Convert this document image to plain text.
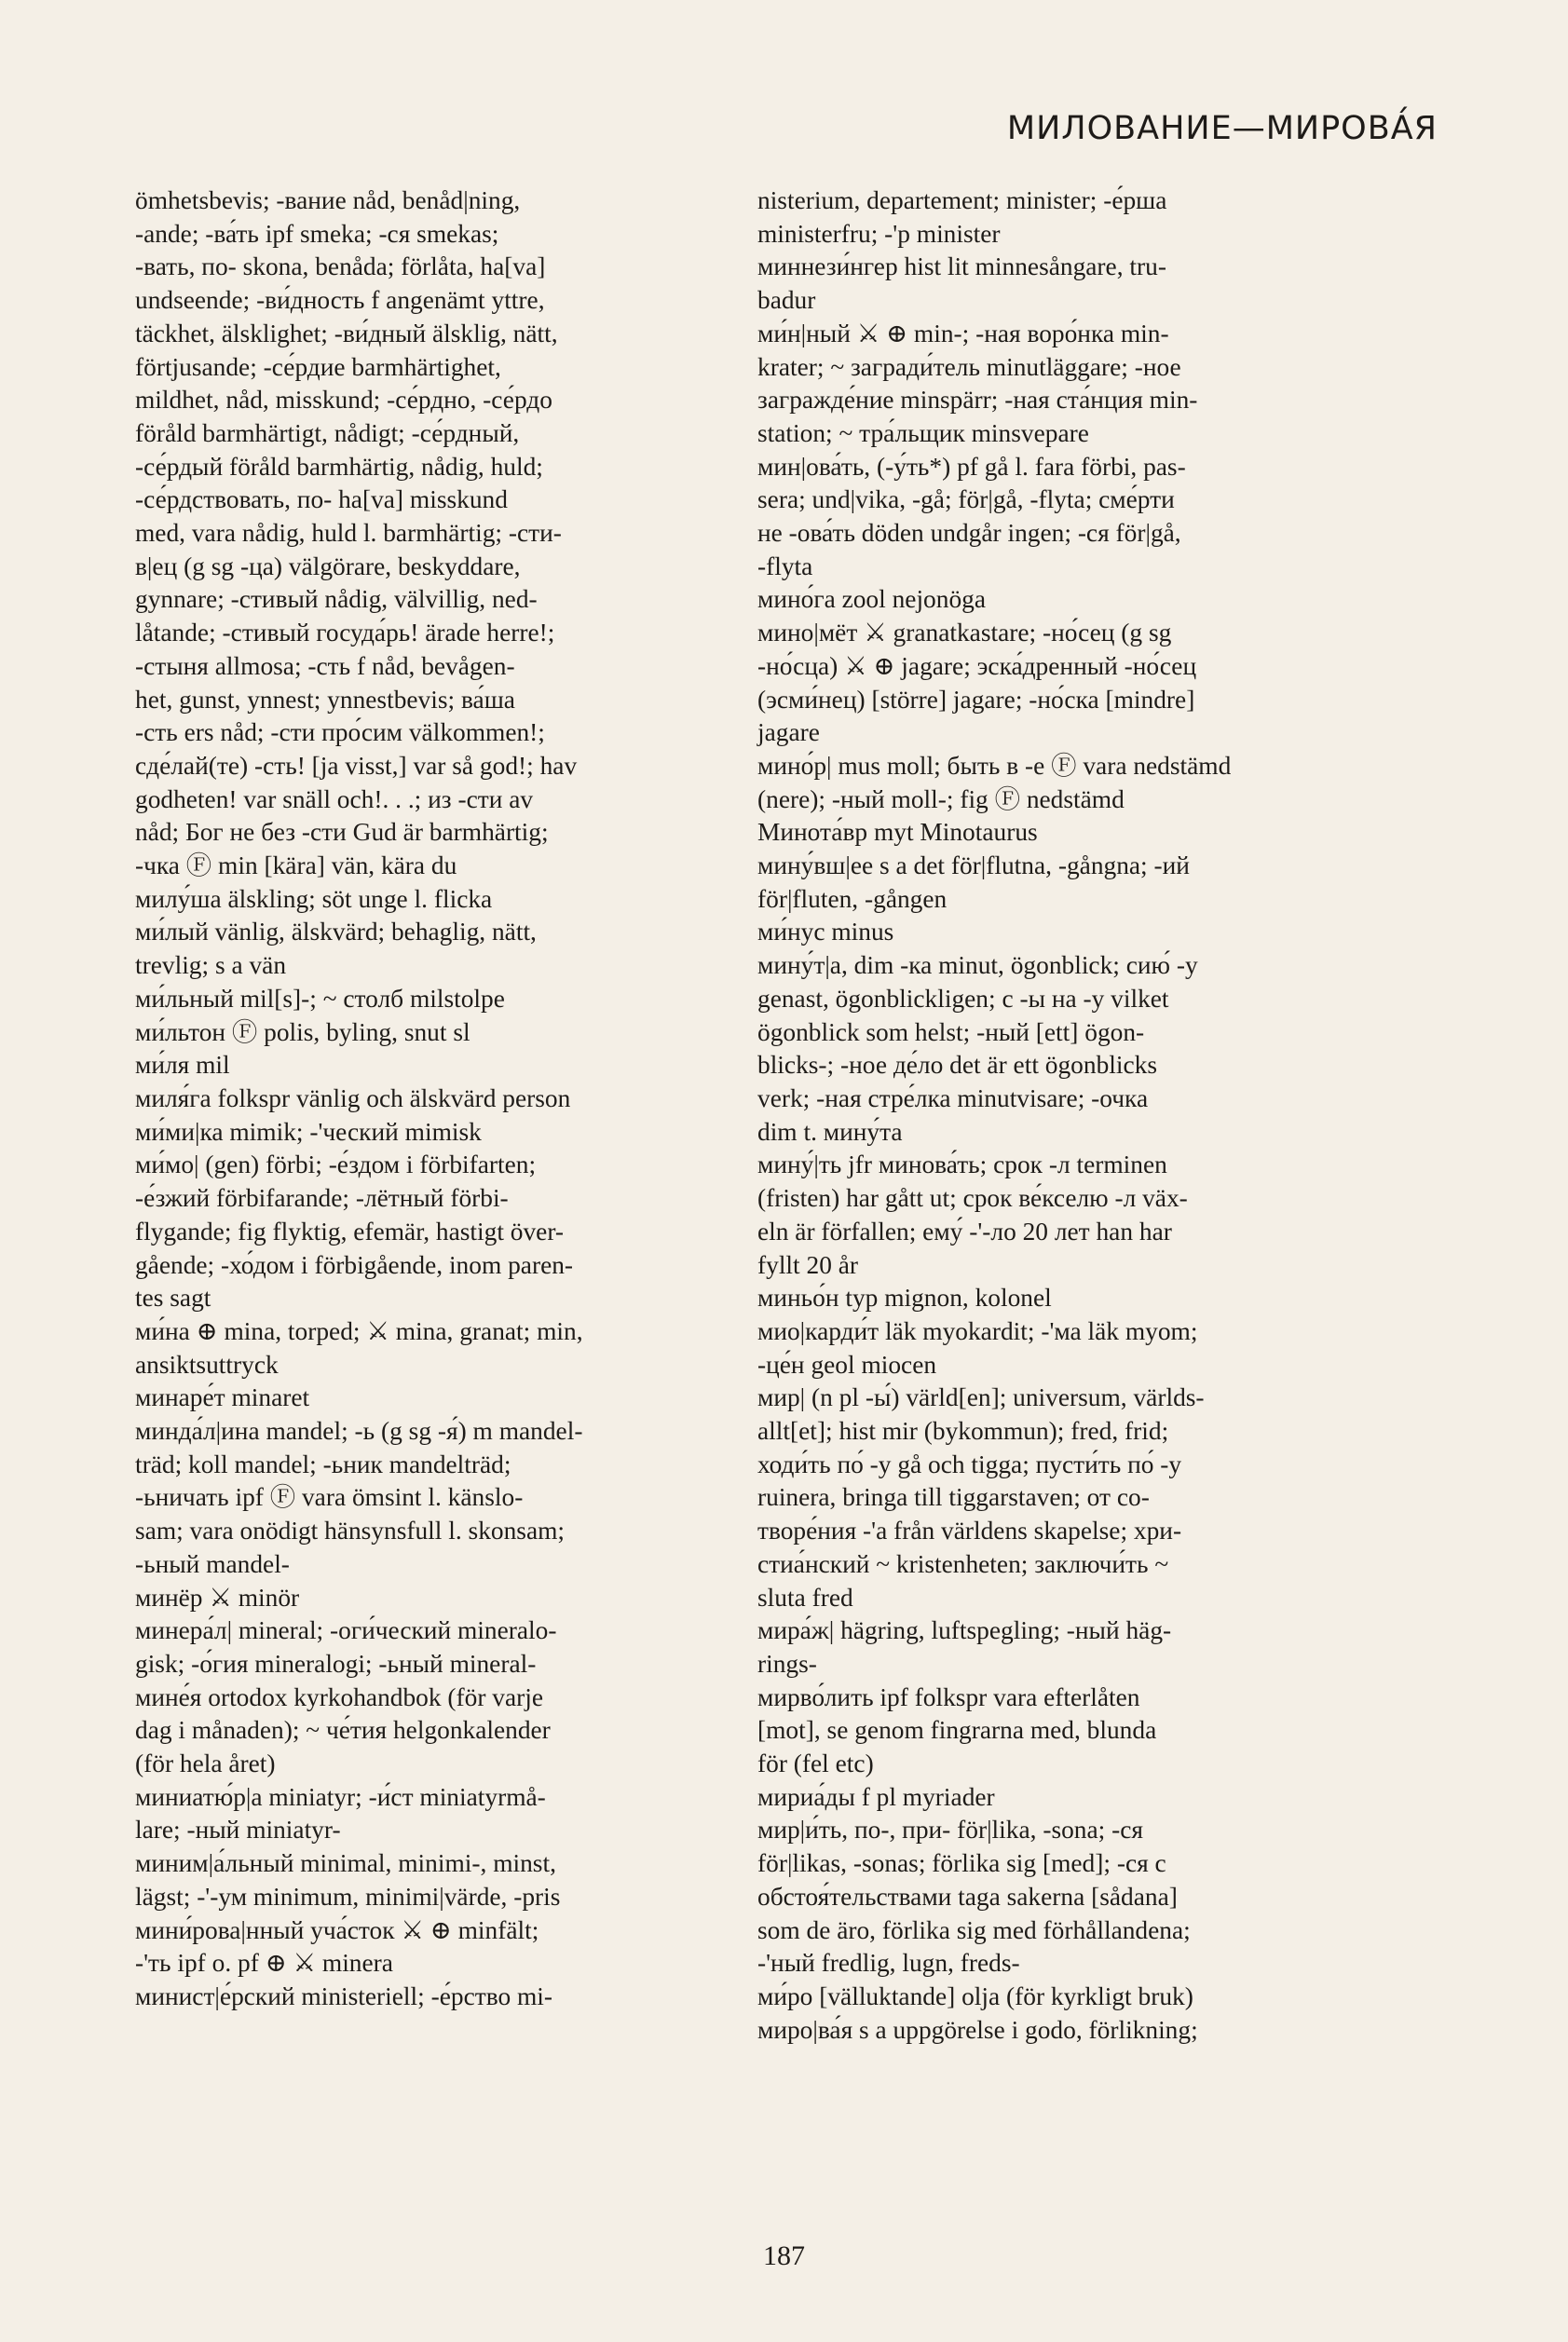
МИЛОВАНИЕ—МИРОВА́Я
ömhetsbevis; -вание nåd, benåd|ning,
-ande; -ва́ть ipf smeka; -ся smekas;
-вать, по- skona, benåda; förlåta, ha[va]
undseende; -ви́дность f angenämt yttre,
täckhet, älsklighet; -ви́дный älsklig, nätt,
förtjusande; -се́рдие barmhärtighet,
mildhet, nåd, misskund; -се́рдно, -се́рдо
föråld barmhärtigt, nådigt; -се́рдный,
-се́рдый föråld barmhärtig, nådig, huld;
-се́рдствовать, по- ha[va] misskund
med, vara nådig, huld l. barmhärtig; -сти-
в|ец (g sg -ца) välgörare, beskyddare,
gynnare; -стивый nådig, välvillig, ned-
låtande; -стивый госуда́рь! ärade herre!;
-стыня allmosa; -сть f nåd, bevågen-
het, gunst, ynnest; ynnestbevis; ва́ша
-сть ers nåd; -сти про́сим välkommen!;
сде́лай(те) -сть! [ja visst,] var så god!; hav
godheten! var snäll och!. . .; из -сти av
nåd; Бог не без -сти Gud är barmhärtig;
-чка Ⓕ min [kära] vän, kära du
милу́ша älskling; söt unge l. flicka
ми́лый vänlig, älskvärd; behaglig, nätt,
trevlig; s a vän
ми́льный mil[s]-; ~ столб milstolpe
ми́льтон Ⓕ polis, byling, snut sl
ми́ля mil
миля́га folkspr vänlig och älskvärd person
ми́ми|ка mimik; -'ческий mimisk
ми́мо| (gen) förbi; -е́здом i förbifarten;
-е́зжий förbifarande; -лётный förbi-
flygande; fig flyktig, efemär, hastigt över-
gående; -хо́дом i förbigående, inom paren-
tes sagt
ми́на ⊕ mina, torped; ⚔ mina, granat; min,
ansiktsuttryck
минаре́т minaret
минда́л|ина mandel; -ь (g sg -я́) m mandel-
träd; koll mandel; -ьник mandelträd;
-ьничать ipf Ⓕ vara ömsint l. känslo-
sam; vara onödigt hänsynsfull l. skonsam;
-ьный mandel-
минёр ⚔ minör
минера́л| mineral; -оги́ческий mineralo-
gisk; -о́гия mineralogi; -ьный mineral-
мине́я ortodox kyrkohandbok (för varje
dag i månaden); ~ че́тия helgonkalender
(för hela året)
миниатю́р|а miniatyr; -и́ст miniatyrmå-
lare; -ный miniatyr-
миним|а́льный minimal, minimi-, minst,
lägst; -'-ум minimum, minimi|värde, -pris
мини́рова|нный уча́сток ⚔ ⊕ minfält;
-'ть ipf o. pf ⊕ ⚔ minera
минист|е́рский ministeriell; -е́рство mi-
nisterium, departement; minister; -е́рша
ministerfru; -'р minister
миннези́нгер hist lit minnesångare, tru-
badur
ми́н|ный ⚔ ⊕ min-; -ная воро́нка min-
krater; ~ загради́тель minutläggare; -ное
загражде́ние minspärr; -ная ста́нция min-
station; ~ тра́льщик minsvepare
мин|ова́ть, (-у́ть*) pf gå l. fara förbi, pas-
sera; und|vika, -gå; för|gå, -flyta; сме́рти
не -ова́ть döden undgår ingen; -ся för|gå,
-flyta
мино́га zool nejonöga
мино|мёт ⚔ granatkastare; -но́сец (g sg
-но́сца) ⚔ ⊕ jagare; эска́дренный -но́сец
(эсми́нец) [större] jagare; -но́ска [mindre]
jagare
мино́р| mus moll; быть в -е Ⓕ vara nedstämd
(nere); -ный moll-; fig Ⓕ nedstämd
Минота́вр myt Minotaurus
мину́вш|ее s a det för|flutna, -gångna; -ий
för|fluten, -gången
ми́нус minus
мину́т|а, dim -ка minut, ögonblick; сию́ -у
genast, ögonblickligen; с -ы на -у vilket
ögonblick som helst; -ный [ett] ögon-
blicks-; -ное де́ло det är ett ögonblicks
verk; -ная стре́лка minutvisare; -очка
dim t. мину́та
мину́|ть jfr минова́ть; срок -л terminen
(fristen) har gått ut; срок ве́кселю -л väx-
eln är förfallen; ему́ -'-ло 20 лет han har
fyllt 20 år
миньо́н typ mignon, kolonel
мио|карди́т läk myokardit; -'ма läk myom;
-це́н geol miocen
мир| (n pl -ы́) värld[en]; universum, världs-
allt[et]; hist mir (bykommun); fred, frid;
ходи́ть по́ -у gå och tigga; пусти́ть по́ -у
ruinera, bringa till tiggarstaven; от со-
творе́ния -'а från världens skapelse; хри-
стиа́нский ~ kristenheten; заключи́ть ~
sluta fred
мира́ж| hägring, luftspegling; -ный häg-
rings-
мирво́лить ipf folkspr vara efterlåten
[mot], se genom fingrarna med, blunda
för (fel etc)
мириа́ды f pl myriader
мир|и́ть, по-, при- för|lika, -sona; -ся
för|likas, -sonas; förlika sig [med]; -ся с
обстоя́тельствами taga sakerna [sådana]
som de äro, förlika sig med förhållandena;
-'ный fredlig, lugn, freds-
ми́ро [välluktande] olja (för kyrkligt bruk)
миро|ва́я s a uppgörelse i godo, förlikning;
187
